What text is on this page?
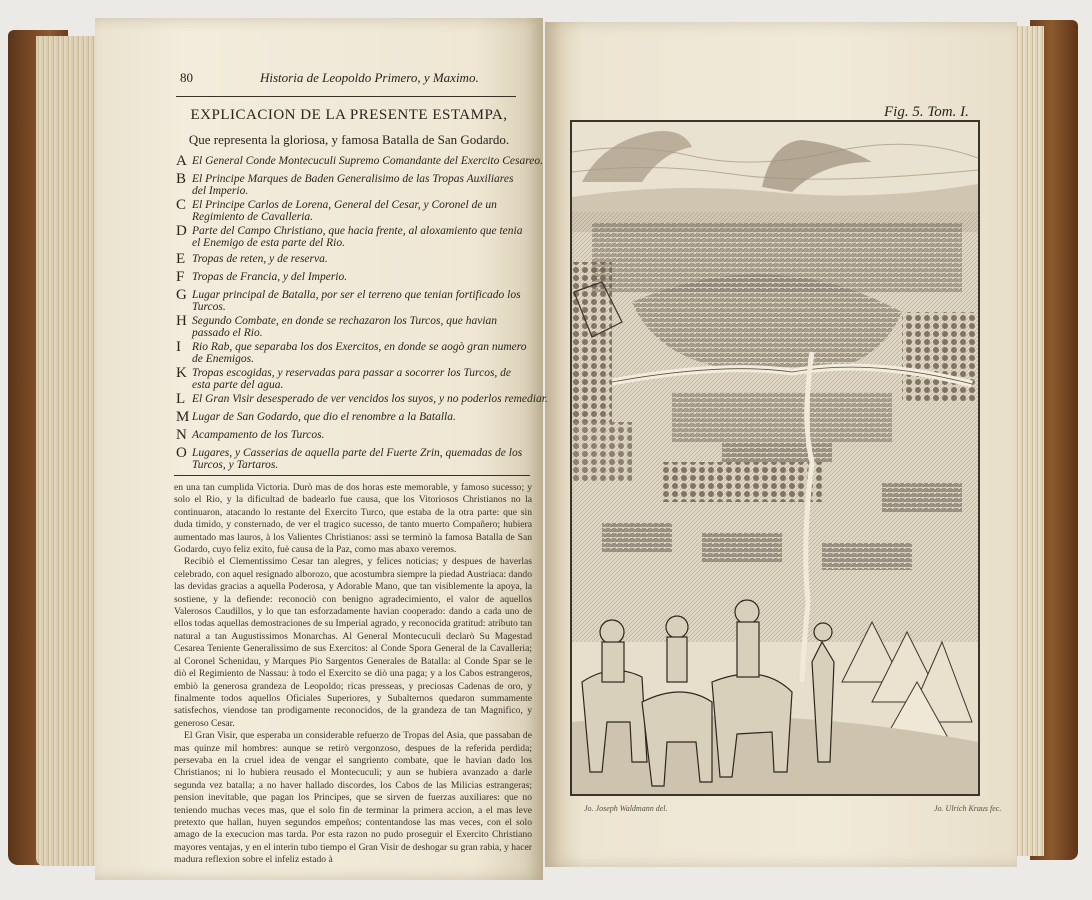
80	Historia de Leopoldo Primero, y Maximo.
EXPLICACION DE LA PRESENTE ESTAMPA,
Que representa la gloriosa, y famosa Batalla de San Godardo.
A El General Conde Montecuculi Supremo Comandante del Exercito Cesareo.
B El Principe Marques de Baden Generalisimo de las Tropas Auxiliares del Imperio.
C El Principe Carlos de Lorena, General del Cesar, y Coronel de un Regimiento de Cavalleria.
D Parte del Campo Christiano, que hacia frente, al aloxamiento que tenia el Enemigo de esta parte del Rio.
E Tropas de reten, y de reserva.
F Tropas de Francia, y del Imperio.
G Lugar principal de Batalla, por ser el terreno que tenian fortificado los Turcos.
H Segundo Combate, en donde se rechazaron los Turcos, que havian passado el Rio.
I Rio Rab, que separaba los dos Exercitos, en donde se aogò gran numero de Enemigos.
K Tropas escogidas, y reservadas para passar a socorrer los Turcos, de esta parte del agua.
L El Gran Visir desesperado de ver vencidos los suyos, y no poderlos remediar.
M Lugar de San Godardo, que dio el renombre a la Batalla.
N Acampamento de los Turcos.
O Lugares, y Casserias de aquella parte del Fuerte Zrin, quemadas de los Turcos, y Tartaros.

en una tan cumplida Victoria. Durò mas de dos horas este memorable, y famoso sucesso; y solo el Rio, y la dificultad de badearlo fue causa, que los Vitoriosos Christianos no la continuaron, atacando lo restante del Exercito Turco, que estaba de la otra parte: que sin duda timido, y consternado, de ver el tragico sucesso, de tanto muerto Compañero; hubiera aumentado mas lauros, à los Valientes Christianos: assi se terminò la famosa Batalla de San Godardo, cuyo feliz exito, fuè causa de la Paz, como mas abaxo veremos.

Recibiò el Clementissimo Cesar tan alegres, y felices noticias; y despues de haverlas celebrado, con aquel resignado alborozo, que acostumbra siempre la piedad Austriaca: dando las devidas gracias a aquella Poderosa, y Adorable Mano, que tan visiblemente la apoya, la sostiene, y la defiende: reconociò con benigno agradecimiento, el valor de aquellos Valerosos Caudillos, y lo que tan esforzadamente havian cooperado: dando a cada uno de ellos todas aquellas demostraciones de su Imperial agrado, y reconocida gratitud: atributo tan natural a tan Augustissimos Monarchas. Al General Montecuculi declarò Su Magestad Cesarea Teniente Generalissimo de sus Exercitos: al Conde Spora General de la Cavalleria; al Coronel Schenidau, y Marques Pio Sargentos Generales de Batalla: al Conde Spar se le diò el Regimiento de Nassau: à todo el Exercito se diò una paga; y a los Cabos estrangeros, embiò la generosa grandeza de Leopoldo; ricas presseas, y preciosas Cadenas de oro, y finalmente todos aquellos Oficiales Superiores, y Subalternos quedaron summamente satisfechos, viendose tan prodigamente reconocidos, de la grandeza de tan Magnifico, y generoso Cesar.

El Gran Visir, que esperaba un considerable refuerzo de Tropas del Asia, que passaban de mas quinze mil hombres: aunque se retirò vergonzoso, despues de la referida perdida; persevaba en la cruel idea de vengar el sangriento combate, que le havian dado los Christianos; ni lo hubiera reusado el Montecuculi; y aun se hubiera avanzado a darle segunda vez batalla; a no haver hallado discordes, los Cabos de las Milicias estrangeras; pension inevitable, que pagan los Principes, que se sirven de fuerzas auxiliares: que no teniendo muchas veces mas, que el solo fin de terminar la primera accion, a el mas leve pretexto que hallan, huyen segundos empeños; contentandose las mas veces, con el solo amago de la execucion mas tarda. Por esta razon no pudo proseguir el Exercito Christiano mayores ventajas, y en el interin tubo tiempo el Gran Visir de deshogar su gran rabia, y hacer madura reflexion sobre el infeliz estado à

Fig. 5. Tom. I.
Jo. Joseph Waldmann del.	Jo. Ulrich Kraus fec.
